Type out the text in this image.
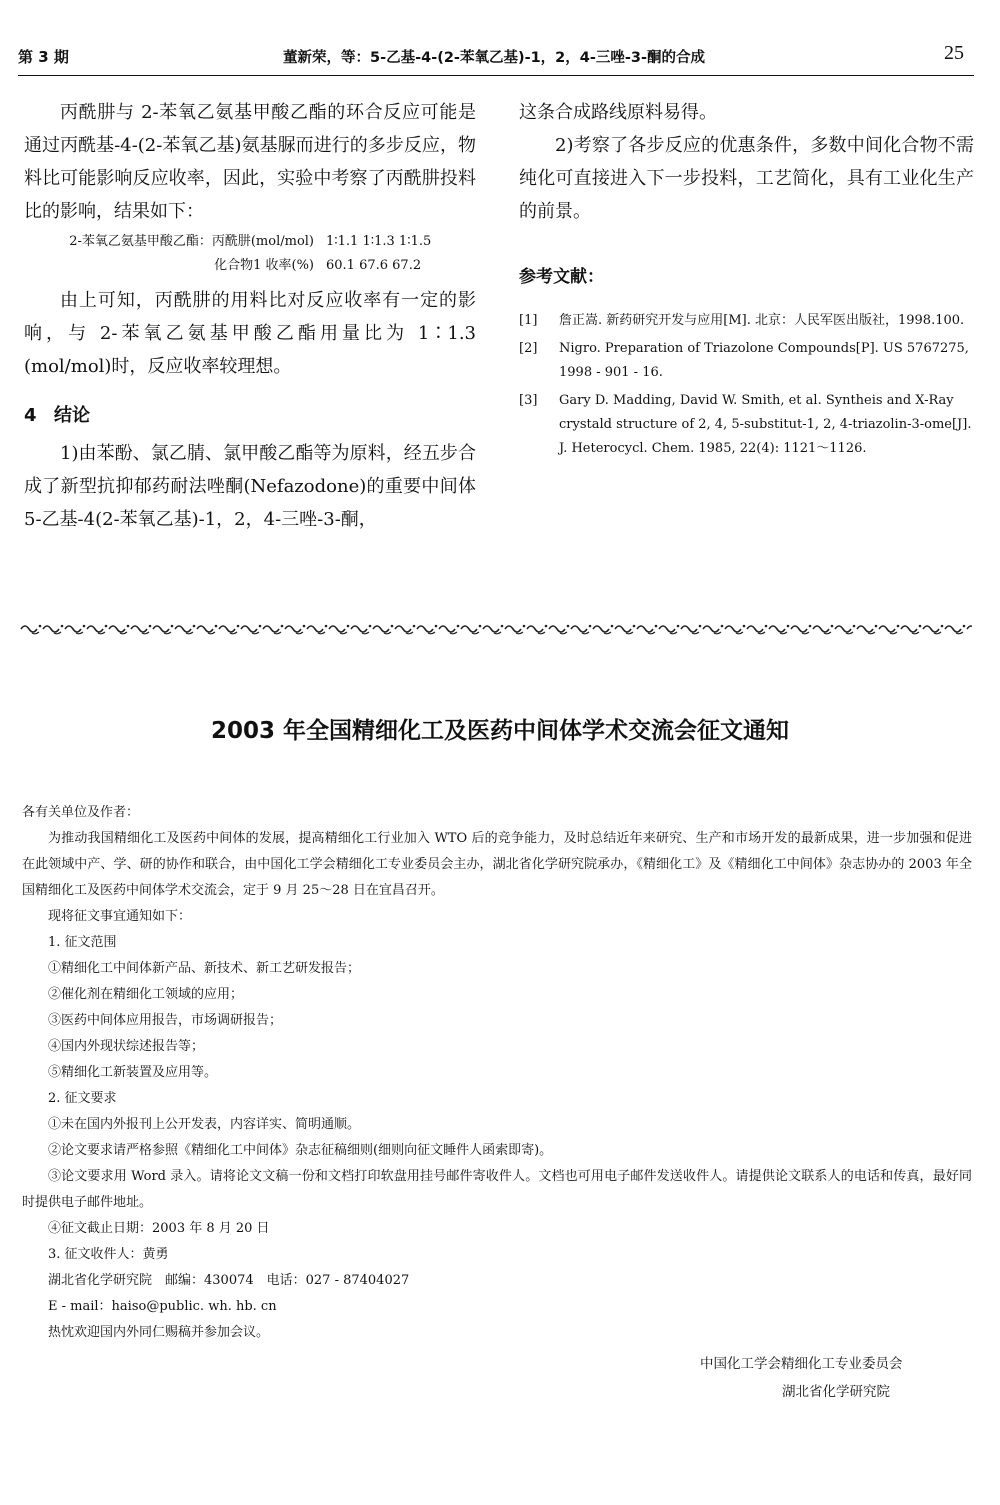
第 3 期	董新荣，等：5-乙基-4-(2-苯氧乙基)-1，2，4-三唑-3-酮的合成	25

丙酰肼与 2-苯氧乙氨基甲酸乙酯的环合反应可能是通过丙酰基-4-(2-苯氧乙基)氨基脲而进行的多步反应，物料比可能影响反应收率，因此，实验中考察了丙酰肼投料比的影响，结果如下：

2-苯氧乙氨基甲酸乙酯：丙酰肼(mol/mol) 1∶1.1 1∶1.3 1∶1.5
化合物1 收率(%) 60.1 67.6 67.2

由上可知，丙酰肼的用料比对反应收率有一定的影响，与 2-苯氧乙氨基甲酸乙酯用量比为 1∶1.3 (mol/mol)时，反应收率较理想。

4 结论

1)由苯酚、氯乙腈、氯甲酸乙酯等为原料，经五步合成了新型抗抑郁药耐法唑酮(Nefazodone)的重要中间体 5-乙基-4(2-苯氧乙基)-1，2，4-三唑-3-酮，

这条合成路线原料易得。

2)考察了各步反应的优惠条件，多数中间化合物不需纯化可直接进入下一步投料，工艺简化，具有工业化生产的前景。

参考文献：
[1]	詹正嵩. 新药研究开发与应用[M]. 北京：人民军医出版社，1998.100.
[2]	Nigro. Preparation of Triazolone Compounds[P]. US 5767275, 1998 - 901 - 16.
[3]	Gary D. Madding, David W. Smith, et al. Syntheis and X-Ray crystald structure of 2, 4, 5-substitut-1, 2, 4-triazolin-3-ome[J]. J. Heterocycl. Chem. 1985, 22(4): 1121～1126.
2003 年全国精细化工及医药中间体学术交流会征文通知

各有关单位及作者：

为推动我国精细化工及医药中间体的发展，提高精细化工行业加入 WTO 后的竞争能力，及时总结近年来研究、生产和市场开发的最新成果，进一步加强和促进在此领域中产、学、研的协作和联合，由中国化工学会精细化工专业委员会主办，湖北省化学研究院承办，《精细化工》及《精细化工中间体》杂志协办的 2003 年全国精细化工及医药中间体学术交流会，定于 9 月 25～28 日在宜昌召开。

现将征文事宜通知如下：

1. 征文范围

①精细化工中间体新产品、新技术、新工艺研发报告；

②催化剂在精细化工领域的应用；

③医药中间体应用报告，市场调研报告；

④国内外现状综述报告等；

⑤精细化工新装置及应用等。

2. 征文要求

①未在国内外报刊上公开发表，内容详实、简明通顺。

②论文要求请严格参照《精细化工中间体》杂志征稿细则(细则向征文睡件人函索即寄)。

③论文要求用 Word 录入。请将论文文稿一份和文档打印软盘用挂号邮件寄收件人。文档也可用电子邮件发送收件人。请提供论文联系人的电话和传真，最好同时提供电子邮件地址。

④征文截止日期：2003 年 8 月 20 日

3. 征文收件人：黄勇

湖北省化学研究院　邮编：430074　电话：027 - 87404027

E - mail：haiso@public. wh. hb. cn

热忱欢迎国内外同仁赐稿并参加会议。

中国化工学会精细化工专业委员会
湖北省化学研究院
